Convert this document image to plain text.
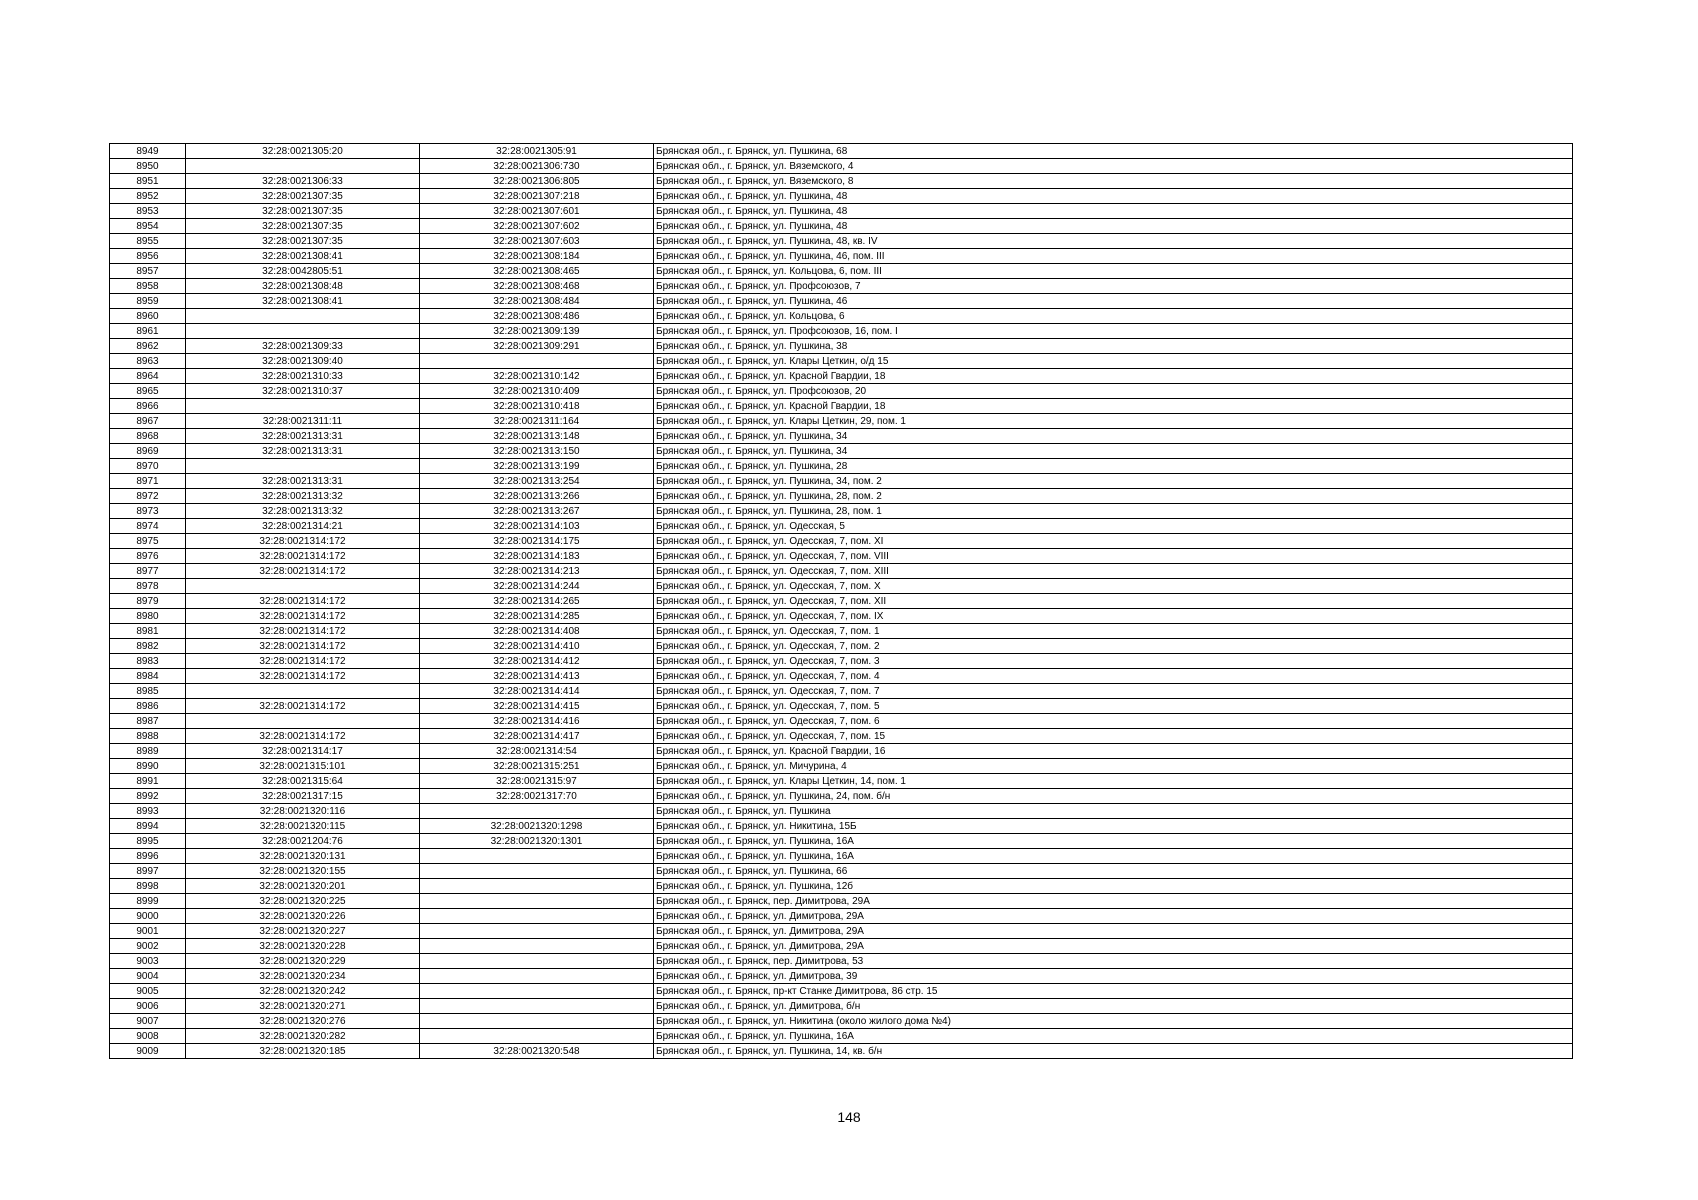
8949	32:28:0021305:20	32:28:0021305:91	Брянская обл., г. Брянск, ул. Пушкина, 68
8950		32:28:0021306:730	Брянская обл., г. Брянск, ул. Вяземского, 4
8951	32:28:0021306:33	32:28:0021306:805	Брянская обл., г. Брянск, ул. Вяземского, 8
8952	32:28:0021307:35	32:28:0021307:218	Брянская обл., г. Брянск, ул. Пушкина, 48
8953	32:28:0021307:35	32:28:0021307:601	Брянская обл., г. Брянск, ул. Пушкина, 48
8954	32:28:0021307:35	32:28:0021307:602	Брянская обл., г. Брянск, ул. Пушкина, 48
8955	32:28:0021307:35	32:28:0021307:603	Брянская обл., г. Брянск, ул. Пушкина, 48, кв. IV
8956	32:28:0021308:41	32:28:0021308:184	Брянская обл., г. Брянск, ул. Пушкина, 46, пом. III
8957	32:28:0042805:51	32:28:0021308:465	Брянская обл., г. Брянск, ул. Кольцова, 6, пом. III
8958	32:28:0021308:48	32:28:0021308:468	Брянская обл., г. Брянск, ул. Профсоюзов, 7
8959	32:28:0021308:41	32:28:0021308:484	Брянская обл., г. Брянск, ул. Пушкина, 46
8960		32:28:0021308:486	Брянская обл., г. Брянск, ул. Кольцова, 6
8961		32:28:0021309:139	Брянская обл., г. Брянск, ул. Профсоюзов, 16, пом. I
8962	32:28:0021309:33	32:28:0021309:291	Брянская обл., г. Брянск, ул. Пушкина, 38
8963	32:28:0021309:40		Брянская обл., г. Брянск, ул. Клары Цеткин, о/д 15
8964	32:28:0021310:33	32:28:0021310:142	Брянская обл., г. Брянск, ул. Красной Гвардии, 18
8965	32:28:0021310:37	32:28:0021310:409	Брянская обл., г. Брянск, ул. Профсоюзов, 20
8966		32:28:0021310:418	Брянская обл., г. Брянск, ул. Красной Гвардии, 18
8967	32:28:0021311:11	32:28:0021311:164	Брянская обл., г. Брянск, ул. Клары Цеткин, 29, пом. 1
8968	32:28:0021313:31	32:28:0021313:148	Брянская обл., г. Брянск, ул. Пушкина, 34
8969	32:28:0021313:31	32:28:0021313:150	Брянская обл., г. Брянск, ул. Пушкина, 34
8970		32:28:0021313:199	Брянская обл., г. Брянск, ул. Пушкина, 28
8971	32:28:0021313:31	32:28:0021313:254	Брянская обл., г. Брянск, ул. Пушкина, 34, пом. 2
8972	32:28:0021313:32	32:28:0021313:266	Брянская обл., г. Брянск, ул. Пушкина, 28, пом. 2
8973	32:28:0021313:32	32:28:0021313:267	Брянская обл., г. Брянск, ул. Пушкина, 28, пом. 1
8974	32:28:0021314:21	32:28:0021314:103	Брянская обл., г. Брянск, ул. Одесская, 5
8975	32:28:0021314:172	32:28:0021314:175	Брянская обл., г. Брянск, ул. Одесская, 7, пом. XI
8976	32:28:0021314:172	32:28:0021314:183	Брянская обл., г. Брянск, ул. Одесская, 7, пом. VIII
8977	32:28:0021314:172	32:28:0021314:213	Брянская обл., г. Брянск, ул. Одесская, 7, пом. XIII
8978		32:28:0021314:244	Брянская обл., г. Брянск, ул. Одесская, 7, пом. X
8979	32:28:0021314:172	32:28:0021314:265	Брянская обл., г. Брянск, ул. Одесская, 7, пом. XII
8980	32:28:0021314:172	32:28:0021314:285	Брянская обл., г. Брянск, ул. Одесская, 7, пом. IX
8981	32:28:0021314:172	32:28:0021314:408	Брянская обл., г. Брянск, ул. Одесская, 7, пом. 1
8982	32:28:0021314:172	32:28:0021314:410	Брянская обл., г. Брянск, ул. Одесская, 7, пом. 2
8983	32:28:0021314:172	32:28:0021314:412	Брянская обл., г. Брянск, ул. Одесская, 7, пом. 3
8984	32:28:0021314:172	32:28:0021314:413	Брянская обл., г. Брянск, ул. Одесская, 7, пом. 4
8985		32:28:0021314:414	Брянская обл., г. Брянск, ул. Одесская, 7, пом. 7
8986	32:28:0021314:172	32:28:0021314:415	Брянская обл., г. Брянск, ул. Одесская, 7, пом. 5
8987		32:28:0021314:416	Брянская обл., г. Брянск, ул. Одесская, 7, пом. 6
8988	32:28:0021314:172	32:28:0021314:417	Брянская обл., г. Брянск, ул. Одесская, 7, пом. 15
8989	32:28:0021314:17	32:28:0021314:54	Брянская обл., г. Брянск, ул. Красной Гвардии, 16
8990	32:28:0021315:101	32:28:0021315:251	Брянская обл., г. Брянск, ул. Мичурина, 4
8991	32:28:0021315:64	32:28:0021315:97	Брянская обл., г. Брянск, ул. Клары Цеткин, 14, пом. 1
8992	32:28:0021317:15	32:28:0021317:70	Брянская обл., г. Брянск, ул. Пушкина, 24, пом. б/н
8993	32:28:0021320:116		Брянская обл., г. Брянск, ул. Пушкина
8994	32:28:0021320:115	32:28:0021320:1298	Брянская обл., г. Брянск, ул. Никитина, 15Б
8995	32:28:0021204:76	32:28:0021320:1301	Брянская обл., г. Брянск, ул. Пушкина, 16А
8996	32:28:0021320:131		Брянская обл., г. Брянск, ул. Пушкина, 16А
8997	32:28:0021320:155		Брянская обл., г. Брянск, ул. Пушкина, 66
8998	32:28:0021320:201		Брянская обл., г. Брянск, ул. Пушкина, 12б
8999	32:28:0021320:225		Брянская обл., г. Брянск, пер. Димитрова, 29А
9000	32:28:0021320:226		Брянская обл., г. Брянск, ул. Димитрова, 29А
9001	32:28:0021320:227		Брянская обл., г. Брянск, ул. Димитрова, 29А
9002	32:28:0021320:228		Брянская обл., г. Брянск, ул. Димитрова, 29А
9003	32:28:0021320:229		Брянская обл., г. Брянск, пер. Димитрова, 53
9004	32:28:0021320:234		Брянская обл., г. Брянск, ул. Димитрова, 39
9005	32:28:0021320:242		Брянская обл., г. Брянск, пр-кт Станке Димитрова, 86 стр. 15
9006	32:28:0021320:271		Брянская обл., г. Брянск, ул. Димитрова, б/н
9007	32:28:0021320:276		Брянская обл., г. Брянск, ул. Никитина (около жилого дома №4)
9008	32:28:0021320:282		Брянская обл., г. Брянск, ул. Пушкина, 16А
9009	32:28:0021320:185	32:28:0021320:548	Брянская обл., г. Брянск, ул. Пушкина, 14, кв. б/н
148
